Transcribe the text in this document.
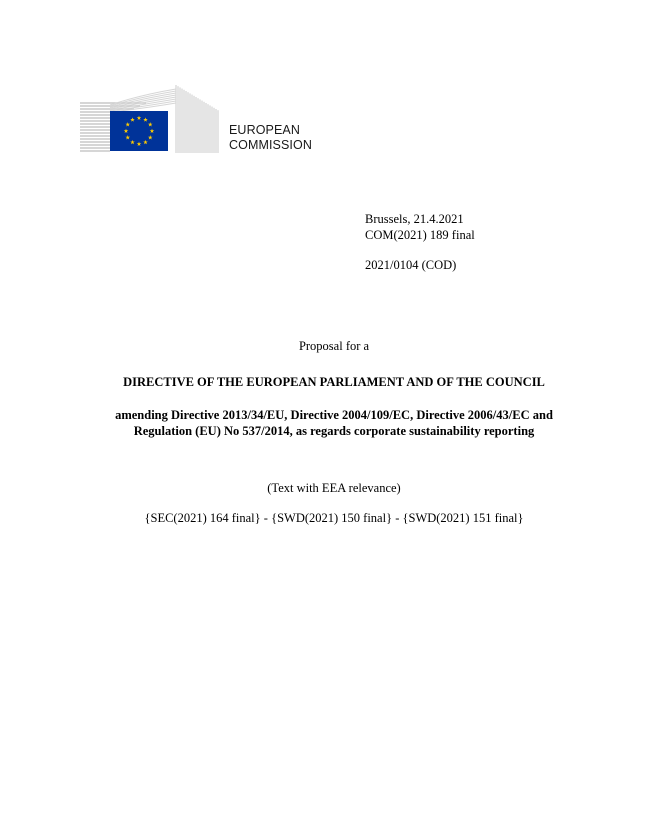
EUROPEAN
COMMISSION
Brussels, 21.4.2021
COM(2021) 189 final
2021/0104 (COD)
Proposal for a
DIRECTIVE OF THE EUROPEAN PARLIAMENT AND OF THE COUNCIL
amending Directive 2013/34/EU, Directive 2004/109/EC, Directive 2006/43/EC and
Regulation (EU) No 537/2014, as regards corporate sustainability reporting
(Text with EEA relevance)
{SEC(2021) 164 final} - {SWD(2021) 150 final} - {SWD(2021) 151 final}
